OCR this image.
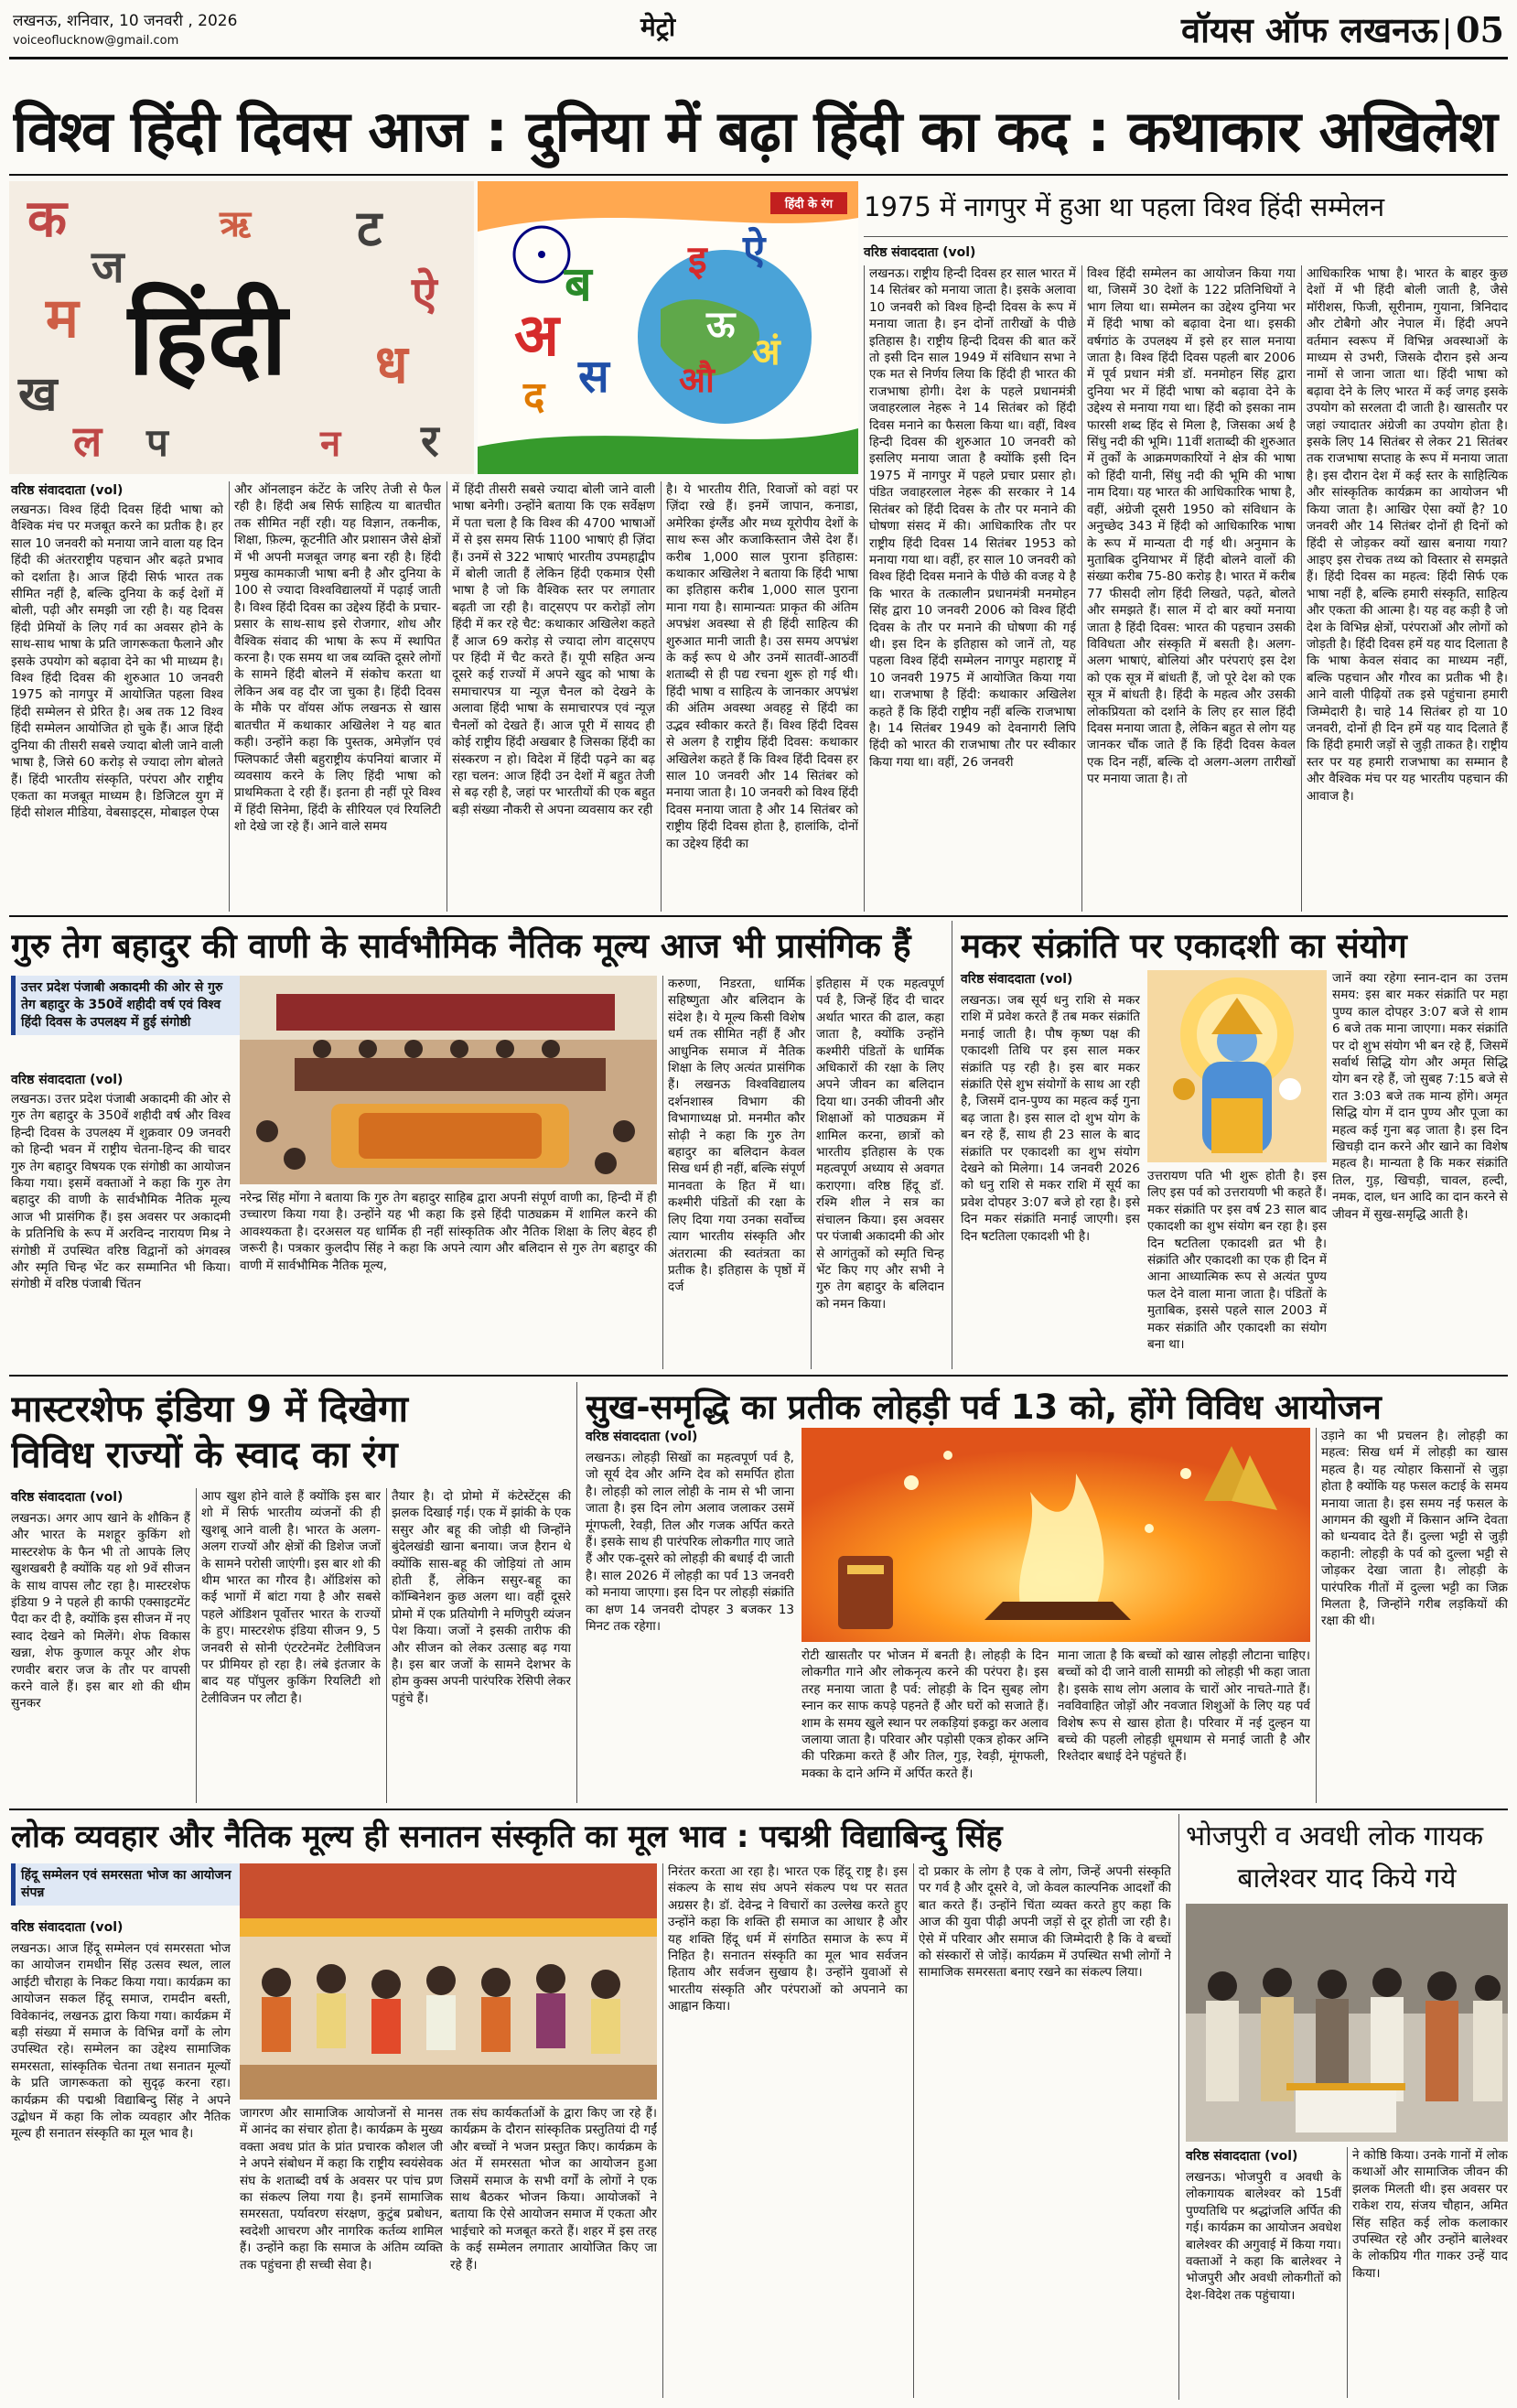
लखनऊ, शनिवार, 10 जनवरी , 2026
voiceoflucknow@gmail.com	मेट्रो	वॉयस ऑफ लखनऊ 05
विश्व हिंदी दिवस आज : दुनिया में बढ़ा हिंदी का कद : कथाकार अखिलेश
क
ज
म
ख
ल
ट
ऐ
ध
र
न
प
ऋ
हिंदी	अ
ब
स
द
इ ऐ
ऊ
अं
औ
हिंदी के रंग 1975 में नागपुर में हुआ था पहला विश्व हिंदी सम्मेलन
वरिष्ठ संवाददाता (vol)
वरिष्ठ संवाददाता (vol)
लखनऊ। विश्व हिंदी दिवस हिंदी भाषा को वैश्विक मंच पर मजबूत करने का प्रतीक है। हर साल 10 जनवरी को मनाया जाने वाला यह दिन हिंदी की अंतरराष्ट्रीय पहचान और बढ़ते प्रभाव को दर्शाता है। आज हिंदी सिर्फ भारत तक सीमित नहीं है, बल्कि दुनिया के कई देशों में बोली, पढ़ी और समझी जा रही है। यह दिवस हिंदी प्रेमियों के लिए गर्व का अवसर होने के साथ-साथ भाषा के प्रति जागरूकता फैलाने और इसके उपयोग को बढ़ावा देने का भी माध्यम है। विश्व हिंदी दिवस की शुरुआत 10 जनवरी 1975 को नागपुर में आयोजित पहला विश्व हिंदी सम्मेलन से प्रेरित है। अब तक 12 विश्व हिंदी सम्मेलन आयोजित हो चुके हैं। आज हिंदी दुनिया की तीसरी सबसे ज्यादा बोली जाने वाली भाषा है, जिसे 60 करोड़ से ज्यादा लोग बोलते हैं। हिंदी भारतीय संस्कृति, परंपरा और राष्ट्रीय एकता का मजबूत माध्यम है। डिजिटल युग में हिंदी सोशल मीडिया, वेबसाइट्स, मोबाइल ऐप्स
और ऑनलाइन कंटेंट के जरिए तेजी से फैल रही है। हिंदी अब सिर्फ साहित्य या बातचीत तक सीमित नहीं रही। यह विज्ञान, तकनीक, शिक्षा, फ़िल्म, कूटनीति और प्रशासन जैसे क्षेत्रों में भी अपनी मजबूत जगह बना रही है। हिंदी प्रमुख कामकाजी भाषा बनी है और दुनिया के 100 से ज्यादा विश्वविद्यालयों में पढ़ाई जाती है। विश्व हिंदी दिवस का उद्देश्य हिंदी के प्रचार-प्रसार के साथ-साथ इसे रोजगार, शोध और वैश्विक संवाद की भाषा के रूप में स्थापित करना है। एक समय था जब व्यक्ति दूसरे लोगों के सामने हिंदी बोलने में संकोच करता था लेकिन अब वह दौर जा चुका है। हिंदी दिवस के मौके पर वॉयस ऑफ लखनऊ से खास बातचीत में कथाकार अखिलेश ने यह बात कही। उन्होंने कहा कि पुस्तक, अमेज़ॉन एवं फ्लिपकार्ट जैसी बहुराष्ट्रीय कंपनियां बाजार में व्यवसाय करने के लिए हिंदी भाषा को प्राथमिकता दे रही हैं। इतना ही नहीं पूरे विश्व में हिंदी सिनेमा, हिंदी के सीरियल एवं रियलिटी शो देखे जा रहे हैं। आने वाले समय
में हिंदी तीसरी सबसे ज्यादा बोली जाने वाली भाषा बनेगी। उन्होंने बताया कि एक सर्वेक्षण में पता चला है कि विश्व की 4700 भाषाओं में से इस समय सिर्फ 1100 भाषाएं ही ज़िंदा हैं। उनमें से 322 भाषाएं भारतीय उपमहाद्वीप में बोली जाती हैं लेकिन हिंदी एकमात्र ऐसी भाषा है जो कि वैश्विक स्तर पर लगातार बढ़ती जा रही है। वाट्सएप पर करोड़ों लोग हिंदी में कर रहे चैट: कथाकार अखिलेश कहते हैं आज 69 करोड़ से ज्यादा लोग वाट्सएप पर हिंदी में चैट करते हैं। यूपी सहित अन्य दूसरे कई राज्यों में अपने खुद को भाषा के समाचारपत्र या न्यूज़ चैनल को देखने के अलावा हिंदी भाषा के समाचारपत्र एवं न्यूज़ चैनलों को देखते हैं। आज पूरी में सायद ही कोई राष्ट्रीय हिंदी अखबार है जिसका हिंदी का संस्करण न हो। विदेश में हिंदी पढ़ने का बढ़ रहा चलन: आज हिंदी उन देशों में बहुत तेजी से बढ़ रही है, जहां पर भारतीयों की एक बहुत बड़ी संख्या नौकरी से अपना व्यवसाय कर रही
है। ये भारतीय रीति, रिवाजों को वहां पर ज़िंदा रखे हैं। इनमें जापान, कनाडा, अमेरिका इंग्लैंड और मध्य यूरोपीय देशों के साथ रूस और कजाकिस्तान जैसे देश हैं। करीब 1,000 साल पुराना इतिहास: कथाकार अखिलेश ने बताया कि हिंदी भाषा का इतिहास करीब 1,000 साल पुराना माना गया है। सामान्यतः प्राकृत की अंतिम अपभ्रंश अवस्था से ही हिंदी साहित्य की शुरुआत मानी जाती है। उस समय अपभ्रंश के कई रूप थे और उनमें सातवीं-आठवीं शताब्दी से ही पद्य रचना शुरू हो गई थी। हिंदी भाषा व साहित्य के जानकार अपभ्रंश की अंतिम अवस्था अवहट्ट से हिंदी का उद्भव स्वीकार करते हैं। विश्व हिंदी दिवस से अलग है राष्ट्रीय हिंदी दिवस: कथाकार अखिलेश कहते हैं कि विश्व हिंदी दिवस हर साल 10 जनवरी और 14 सितंबर को मनाया जाता है। 10 जनवरी को विश्व हिंदी दिवस मनाया जाता है और 14 सितंबर को राष्ट्रीय हिंदी दिवस होता है, हालांकि, दोनों का उद्देश्य हिंदी का
लखनऊ। राष्ट्रीय हिन्दी दिवस हर साल भारत में 14 सितंबर को मनाया जाता है। इसके अलावा 10 जनवरी को विश्व हिन्दी दिवस के रूप में मनाया जाता है। इन दोनों तारीखों के पीछे इतिहास है। राष्ट्रीय हिन्दी दिवस की बात करें तो इसी दिन साल 1949 में संविधान सभा ने एक मत से निर्णय लिया कि हिंदी ही भारत की राजभाषा होगी। देश के पहले प्रधानमंत्री जवाहरलाल नेहरू ने 14 सितंबर को हिंदी दिवस मनाने का फैसला किया था। वहीं, विश्व हिन्दी दिवस की शुरुआत 10 जनवरी को इसलिए मनाया जाता है क्योंकि इसी दिन 1975 में नागपुर में पहले प्रचार प्रसार हो। पंडित जवाहरलाल नेहरू की सरकार ने 14 सितंबर को हिंदी दिवस के तौर पर मनाने की घोषणा संसद में की। आधिकारिक तौर पर राष्ट्रीय हिंदी दिवस 14 सितंबर 1953 को मनाया गया था। वहीं, हर साल 10 जनवरी को विश्व हिंदी दिवस मनाने के पीछे की वजह ये है कि भारत के तत्कालीन प्रधानमंत्री मनमोहन सिंह द्वारा 10 जनवरी 2006 को विश्व हिंदी दिवस के तौर पर मनाने की घोषणा की गई थी। इस दिन के इतिहास को जानें तो, यह पहला विश्व हिंदी सम्मेलन नागपुर महाराष्ट्र में 10 जनवरी 1975 में आयोजित किया गया था। राजभाषा है हिंदी: कथाकार अखिलेश कहते हैं कि हिंदी राष्ट्रीय नहीं बल्कि राजभाषा है। 14 सितंबर 1949 को देवनागरी लिपि हिंदी को भारत की राजभाषा तौर पर स्वीकार किया गया था। वहीं, 26 जनवरी
विश्व हिंदी सम्मेलन का आयोजन किया गया था, जिसमें 30 देशों के 122 प्रतिनिधियों ने भाग लिया था। सम्मेलन का उद्देश्य दुनिया भर में हिंदी भाषा को बढ़ावा देना था। इसकी वर्षगांठ के उपलक्ष्य में इसे हर साल मनाया जाता है। विश्व हिंदी दिवस पहली बार 2006 में पूर्व प्रधान मंत्री डॉ. मनमोहन सिंह द्वारा दुनिया भर में हिंदी भाषा को बढ़ावा देने के उद्देश्य से मनाया गया था। हिंदी को इसका नाम फारसी शब्द हिंद से मिला है, जिसका अर्थ है सिंधु नदी की भूमि। 11वीं शताब्दी की शुरुआत में तुर्कों के आक्रमणकारियों ने क्षेत्र की भाषा को हिंदी यानी, सिंधु नदी की भूमि की भाषा नाम दिया। यह भारत की आधिकारिक भाषा है, वहीं, अंग्रेजी दूसरी 1950 को संविधान के अनुच्छेद 343 में हिंदी को आधिकारिक भाषा के रूप में मान्यता दी गई थी। अनुमान के मुताबिक दुनियाभर में हिंदी बोलने वालों की संख्या करीब 75-80 करोड़ है। भारत में करीब 77 फीसदी लोग हिंदी लिखते, पढ़ते, बोलते और समझते हैं। साल में दो बार क्यों मनाया जाता है हिंदी दिवस: भारत की पहचान उसकी विविधता और संस्कृति में बसती है। अलग-अलग भाषाएं, बोलियां और परंपराएं इस देश को एक सूत्र में बांधती हैं, जो पूरे देश को एक सूत्र में बांधती है। हिंदी के महत्व और उसकी लोकप्रियता को दर्शाने के लिए हर साल हिंदी दिवस मनाया जाता है, लेकिन बहुत से लोग यह जानकर चौंक जाते हैं कि हिंदी दिवस केवल एक दिन नहीं, बल्कि दो अलग-अलग तारीखों पर मनाया जाता है। तो
आधिकारिक भाषा है। भारत के बाहर कुछ देशों में भी हिंदी बोली जाती है, जैसे मॉरीशस, फिजी, सूरीनाम, गुयाना, त्रिनिदाद और टोबैगो और नेपाल में। हिंदी अपने वर्तमान स्वरूप में विभिन्न अवस्थाओं के माध्यम से उभरी, जिसके दौरान इसे अन्य नामों से जाना जाता था। हिंदी भाषा को बढ़ावा देने के लिए भारत में कई जगह इसके उपयोग को सरलता दी जाती है। खासतौर पर जहां ज्यादातर अंग्रेजी का उपयोग होता है। इसके लिए 14 सितंबर से लेकर 21 सितंबर तक राजभाषा सप्ताह के रूप में मनाया जाता है। इस दौरान देश में कई स्तर के साहित्यिक और सांस्कृतिक कार्यक्रम का आयोजन भी किया जाता है। आखिर ऐसा क्यों है? 10 जनवरी और 14 सितंबर दोनों ही दिनों को हिंदी से जोड़कर क्यों खास बनाया गया? आइए इस रोचक तथ्य को विस्तार से समझते हैं। हिंदी दिवस का महत्व: हिंदी सिर्फ एक भाषा नहीं है, बल्कि हमारी संस्कृति, साहित्य और एकता की आत्मा है। यह वह कड़ी है जो देश के विभिन्न क्षेत्रों, परंपराओं और लोगों को जोड़ती है। हिंदी दिवस हमें यह याद दिलाता है कि भाषा केवल संवाद का माध्यम नहीं, बल्कि पहचान और गौरव का प्रतीक भी है। आने वाली पीढ़ियों तक इसे पहुंचाना हमारी जिम्मेदारी है। चाहे 14 सितंबर हो या 10 जनवरी, दोनों ही दिन हमें यह याद दिलाते हैं कि हिंदी हमारी जड़ों से जुड़ी ताकत है। राष्ट्रीय स्तर पर यह हमारी राजभाषा का सम्मान है और वैश्विक मंच पर यह भारतीय पहचान की आवाज है।
गुरु तेग बहादुर की वाणी के सार्वभौमिक नैतिक मूल्य आज भी प्रासंगिक हैं
उत्तर प्रदेश पंजाबी अकादमी की ओर से गुरु तेग बहादुर के 350वें शहीदी वर्ष एवं विश्व हिंदी दिवस के उपलक्ष्य में हुई संगोष्ठी
वरिष्ठ संवाददाता (vol)
लखनऊ। उत्तर प्रदेश पंजाबी अकादमी की ओर से गुरु तेग बहादुर के 350वें शहीदी वर्ष और विश्व हिन्दी दिवस के उपलक्ष्य में शुक्रवार 09 जनवरी को हिन्दी भवन में राष्ट्रीय चेतना-हिन्द की चादर गुरु तेग बहादुर विषयक एक संगोष्ठी का आयोजन किया गया। इसमें वक्ताओं ने कहा कि गुरु तेग बहादुर की वाणी के सार्वभौमिक नैतिक मूल्य आज भी प्रासंगिक हैं। इस अवसर पर अकादमी के प्रतिनिधि के रूप में अरविन्द नारायण मिश्र ने संगोष्ठी में उपस्थित वरिष्ठ विद्वानों को अंगवस्त्र और स्मृति चिन्ह भेंट कर सम्मानित भी किया। संगोष्ठी में वरिष्ठ पंजाबी चिंतन
नरेन्द्र सिंह मोंगा ने बताया कि गुरु तेग बहादुर साहिब द्वारा अपनी संपूर्ण वाणी का, हिन्दी में ही उच्चारण किया गया है। उन्होंने यह भी कहा कि इसे हिंदी पाठ्यक्रम में शामिल करने की आवश्यकता है। दरअसल यह धार्मिक ही नहीं सांस्कृतिक और नैतिक शिक्षा के लिए बेहद ही जरूरी है। पत्रकार कुलदीप सिंह ने कहा कि अपने त्याग और बलिदान से गुरु तेग बहादुर की वाणी में सार्वभौमिक नैतिक मूल्य,
करुणा, निडरता, धार्मिक सहिष्णुता और बलिदान के संदेश है। ये मूल्य किसी विशेष धर्म तक सीमित नहीं हैं और आधुनिक समाज में नैतिक शिक्षा के लिए अत्यंत प्रासंगिक हैं। लखनऊ विश्वविद्यालय दर्शनशास्त्र विभाग की विभागाध्यक्ष प्रो. मनमीत कौर सोढ़ी ने कहा कि गुरु तेग बहादुर का बलिदान केवल सिख धर्म ही नहीं, बल्कि संपूर्ण मानवता के हित में था। कश्मीरी पंडितों की रक्षा के लिए दिया गया उनका सर्वोच्च त्याग भारतीय संस्कृति और अंतरात्मा की स्वतंत्रता का प्रतीक है। इतिहास के पृष्ठों में दर्ज
इतिहास में एक महत्वपूर्ण पर्व है, जिन्हें हिंद दी चादर अर्थात भारत की ढाल, कहा जाता है, क्योंकि उन्होंने कश्मीरी पंडितों के धार्मिक अधिकारों की रक्षा के लिए अपने जीवन का बलिदान दिया था। उनकी जीवनी और शिक्षाओं को पाठ्यक्रम में शामिल करना, छात्रों को भारतीय इतिहास के एक महत्वपूर्ण अध्याय से अवगत कराएगा। वरिष्ठ हिंदू डॉ. रश्मि शील ने सत्र का संचालन किया। इस अवसर पर पंजाबी अकादमी की ओर से आगंतुकों को स्मृति चिन्ह भेंट किए गए और सभी ने गुरु तेग बहादुर के बलिदान को नमन किया।
मकर संक्रांति पर एकादशी का संयोग
वरिष्ठ संवाददाता (vol)
लखनऊ। जब सूर्य धनु राशि से मकर राशि में प्रवेश करते हैं तब मकर संक्रांति मनाई जाती है। पौष कृष्ण पक्ष की एकादशी तिथि पर इस साल मकर संक्रांति पड़ रही है। इस बार मकर संक्रांति ऐसे शुभ संयोगों के साथ आ रही है, जिसमें दान-पुण्य का महत्व कई गुना बढ़ जाता है। इस साल दो शुभ योग के बन रहे हैं, साथ ही 23 साल के बाद संक्रांति पर एकादशी का शुभ संयोग देखने को मिलेगा। 14 जनवरी 2026 को धनु राशि से मकर राशि में सूर्य का प्रवेश दोपहर 3:07 बजे हो रहा है। इसे दिन मकर संक्रांति मनाई जाएगी। इस दिन षटतिला एकादशी भी है।
उत्तरायण पति भी शुरू होती है। इस लिए इस पर्व को उत्तरायणी भी कहते हैं। मकर संक्रांति पर इस वर्ष 23 साल बाद एकादशी का शुभ संयोग बन रहा है। इस दिन षटतिला एकादशी व्रत भी है। संक्रांति और एकादशी का एक ही दिन में आना आध्यात्मिक रूप से अत्यंत पुण्य फल देने वाला माना जाता है। पंडितों के मुताबिक, इससे पहले साल 2003 में मकर संक्रांति और एकादशी का संयोग बना था।
जानें क्या रहेगा स्नान-दान का उत्तम समय: इस बार मकर संक्रांति पर महा पुण्य काल दोपहर 3:07 बजे से शाम 6 बजे तक माना जाएगा। मकर संक्रांति पर दो शुभ संयोग भी बन रहे हैं, जिसमें सर्वार्थ सिद्धि योग और अमृत सिद्धि योग बन रहे हैं, जो सुबह 7:15 बजे से रात 3:03 बजे तक मान्य होंगे। अमृत सिद्धि योग में दान पुण्य और पूजा का महत्व कई गुना बढ़ जाता है। इस दिन खिचड़ी दान करने और खाने का विशेष महत्व है। मान्यता है कि मकर संक्रांति तिल, गुड़, खिचड़ी, चावल, हल्दी, नमक, दाल, धन आदि का दान करने से जीवन में सुख-समृद्धि आती है।
मास्टरशेफ इंडिया 9 में दिखेगा
विविध राज्यों के स्वाद का रंग
वरिष्ठ संवाददाता (vol)
लखनऊ। अगर आप खाने के शौकिन हैं और भारत के मशहूर कुकिंग शो मास्टरशेफ के फैन भी तो आपके लिए खुशखबरी है क्योंकि यह शो 9वें सीजन के साथ वापस लौट रहा है। मास्टरशेफ इंडिया 9 ने पहले ही काफी एक्साइटमेंट पैदा कर दी है, क्योंकि इस सीजन में नए स्वाद देखने को मिलेंगे। शेफ विकास खन्ना, शेफ कुणाल कपूर और शेफ रणवीर बरार जज के तौर पर वापसी करने वाले हैं। इस बार शो की थीम सुनकर
आप खुश होने वाले हैं क्योंकि इस बार शो में सिर्फ भारतीय व्यंजनों की ही खुशबू आने वाली है। भारत के अलग-अलग राज्यों और क्षेत्रों की डिशेज जजों के सामने परोसी जाएंगी। इस बार शो की थीम भारत का गौरव है। ऑडिशंस को कई भागों में बांटा गया है और सबसे पहले ऑडिशन पूर्वोत्तर भारत के राज्यों के हुए। मास्टरशेफ इंडिया सीजन 9, 5 जनवरी से सोनी एंटरटेनमेंट टेलीविजन पर प्रीमियर हो रहा है। लंबे इंतजार के बाद यह पॉपुलर कुकिंग रियलिटी शो टेलीविजन पर लौटा है।
तैयार है। दो प्रोमो में कंटेस्टेंट्स की झलक दिखाई गई। एक में झांकी के एक ससुर और बहू की जोड़ी थी जिन्होंने बुंदेलखंडी खाना बनाया। जज हैरान थे क्योंकि सास-बहू की जोड़ियां तो आम होती हैं, लेकिन ससुर-बहू का कॉम्बिनेशन कुछ अलग था। वहीं दूसरे प्रोमो में एक प्रतियोगी ने मणिपुरी व्यंजन पेश किया। जजों ने इसकी तारीफ की और सीजन को लेकर उत्साह बढ़ गया है। इस बार जजों के सामने देशभर के होम कुक्स अपनी पारंपरिक रेसिपी लेकर पहुंचे हैं।
सुख-समृद्धि का प्रतीक लोहड़ी पर्व 13 को, होंगे विविध आयोजन
वरिष्ठ संवाददाता (vol)
लखनऊ। लोहड़ी सिखों का महत्वपूर्ण पर्व है, जो सूर्य देव और अग्नि देव को समर्पित होता है। लोहड़ी को लाल लोही के नाम से भी जाना जाता है। इस दिन लोग अलाव जलाकर उसमें मूंगफली, रेवड़ी, तिल और गजक अर्पित करते हैं। इसके साथ ही पारंपरिक लोकगीत गाए जाते हैं और एक-दूसरे को लोहड़ी की बधाई दी जाती है। साल 2026 में लोहड़ी का पर्व 13 जनवरी को मनाया जाएगा। इस दिन पर लोहड़ी संक्रांति का क्षण 14 जनवरी दोपहर 3 बजकर 13 मिनट तक रहेगा।
रोटी खासतौर पर भोजन में बनती है। लोहड़ी के दिन लोकगीत गाने और लोकनृत्य करने की परंपरा है। इस तरह मनाया जाता है पर्व: लोहड़ी के दिन सुबह लोग स्नान कर साफ कपड़े पहनते हैं और घरों को सजाते हैं। शाम के समय खुले स्थान पर लकड़ियां इकट्ठा कर अलाव जलाया जाता है। परिवार और पड़ोसी एकत्र होकर अग्नि की परिक्रमा करते हैं और तिल, गुड़, रेवड़ी, मूंगफली, मक्का के दाने अग्नि में अर्पित करते हैं।
माना जाता है कि बच्चों को खास लोहड़ी लौटाना चाहिए। बच्चों को दी जाने वाली सामग्री को लोहड़ी भी कहा जाता है। इसके साथ लोग अलाव के चारों ओर नाचते-गाते हैं। नवविवाहित जोड़ों और नवजात शिशुओं के लिए यह पर्व विशेष रूप से खास होता है। परिवार में नई दुल्हन या बच्चे की पहली लोहड़ी धूमधाम से मनाई जाती है और रिश्तेदार बधाई देने पहुंचते हैं।
उड़ाने का भी प्रचलन है। लोहड़ी का महत्व: सिख धर्म में लोहड़ी का खास महत्व है। यह त्योहार किसानों से जुड़ा होता है क्योंकि यह फसल कटाई के समय मनाया जाता है। इस समय नई फसल के आगमन की खुशी में किसान अग्नि देवता को धन्यवाद देते हैं। दुल्ला भट्टी से जुड़ी कहानी: लोहड़ी के पर्व को दुल्ला भट्टी से जोड़कर देखा जाता है। लोहड़ी के पारंपरिक गीतों में दुल्ला भट्टी का जिक्र मिलता है, जिन्होंने गरीब लड़कियों की रक्षा की थी।
लोक व्यवहार और नैतिक मूल्य ही सनातन संस्कृति का मूल भाव : पद्मश्री विद्याबिन्दु सिंह
हिंदू सम्मेलन एवं समरसता भोज का आयोजन संपन्न
वरिष्ठ संवाददाता (vol)
लखनऊ। आज हिंदू सम्मेलन एवं समरसता भोज का आयोजन रामधीन सिंह उत्सव स्थल, लाल आईटी चौराहा के निकट किया गया। कार्यक्रम का आयोजन सकल हिंदू समाज, रामदीन बस्ती, विवेकानंद, लखनऊ द्वारा किया गया। कार्यक्रम में बड़ी संख्या में समाज के विभिन्न वर्गों के लोग उपस्थित रहे। सम्मेलन का उद्देश्य सामाजिक समरसता, सांस्कृतिक चेतना तथा सनातन मूल्यों के प्रति जागरूकता को सुदृढ़ करना रहा। कार्यक्रम की पद्मश्री विद्याबिन्दु सिंह ने अपने उद्बोधन में कहा कि लोक व्यवहार और नैतिक मूल्य ही सनातन संस्कृति का मूल भाव है।
जागरण और सामाजिक आयोजनों से मानस में आनंद का संचार होता है। कार्यक्रम के मुख्य वक्ता अवध प्रांत के प्रांत प्रचारक कौशल जी ने अपने संबोधन में कहा कि राष्ट्रीय स्वयंसेवक संघ के शताब्दी वर्ष के अवसर पर पांच प्रण का संकल्प लिया गया है। इनमें सामाजिक समरसता, पर्यावरण संरक्षण, कुटुंब प्रबोधन, स्वदेशी आचरण और नागरिक कर्तव्य शामिल हैं। उन्होंने कहा कि समाज के अंतिम व्यक्ति तक पहुंचना ही सच्ची सेवा है।
तक संघ कार्यकर्ताओं के द्वारा किए जा रहे हैं। कार्यक्रम के दौरान सांस्कृतिक प्रस्तुतियां दी गईं और बच्चों ने भजन प्रस्तुत किए। कार्यक्रम के अंत में समरसता भोज का आयोजन हुआ जिसमें समाज के सभी वर्गों के लोगों ने एक साथ बैठकर भोजन किया। आयोजकों ने बताया कि ऐसे आयोजन समाज में एकता और भाईचारे को मजबूत करते हैं। शहर में इस तरह के कई सम्मेलन लगातार आयोजित किए जा रहे हैं।
निरंतर करता आ रहा है। भारत एक हिंदू राष्ट्र है। इस संकल्प के साथ संघ अपने संकल्प पथ पर सतत अग्रसर है। डॉ. देवेन्द्र ने विचारों का उल्लेख करते हुए उन्होंने कहा कि शक्ति ही समाज का आधार है और यह शक्ति हिंदू धर्म में संगठित समाज के रूप में निहित है। सनातन संस्कृति का मूल भाव सर्वजन हिताय और सर्वजन सुखाय है। उन्होंने युवाओं से भारतीय संस्कृति और परंपराओं को अपनाने का आह्वान किया।
दो प्रकार के लोग है एक वे लोग, जिन्हें अपनी संस्कृति पर गर्व है और दूसरे वे, जो केवल काल्पनिक आदर्शों की बात करते हैं। उन्होंने चिंता व्यक्त करते हुए कहा कि आज की युवा पीढ़ी अपनी जड़ों से दूर होती जा रही है। ऐसे में परिवार और समाज की जिम्मेदारी है कि वे बच्चों को संस्कारों से जोड़ें। कार्यक्रम में उपस्थित सभी लोगों ने सामाजिक समरसता बनाए रखने का संकल्प लिया।
भोजपुरी व अवधी लोक गायक
बालेश्वर याद किये गये
वरिष्ठ संवाददाता (vol)
लखनऊ। भोजपुरी व अवधी के लोकगायक बालेश्वर को 15वीं पुण्यतिथि पर श्रद्धांजलि अर्पित की गई। कार्यक्रम का आयोजन अवधेश बालेश्वर की अगुवाई में किया गया। वक्ताओं ने कहा कि बालेश्वर ने भोजपुरी और अवधी लोकगीतों को देश-विदेश तक पहुंचाया।
ने कोष्ठि किया। उनके गानों में लोक कथाओं और सामाजिक जीवन की झलक मिलती थी। इस अवसर पर राकेश राय, संजय चौहान, अमित सिंह सहित कई लोक कलाकार उपस्थित रहे और उन्होंने बालेश्वर के लोकप्रिय गीत गाकर उन्हें याद किया।
